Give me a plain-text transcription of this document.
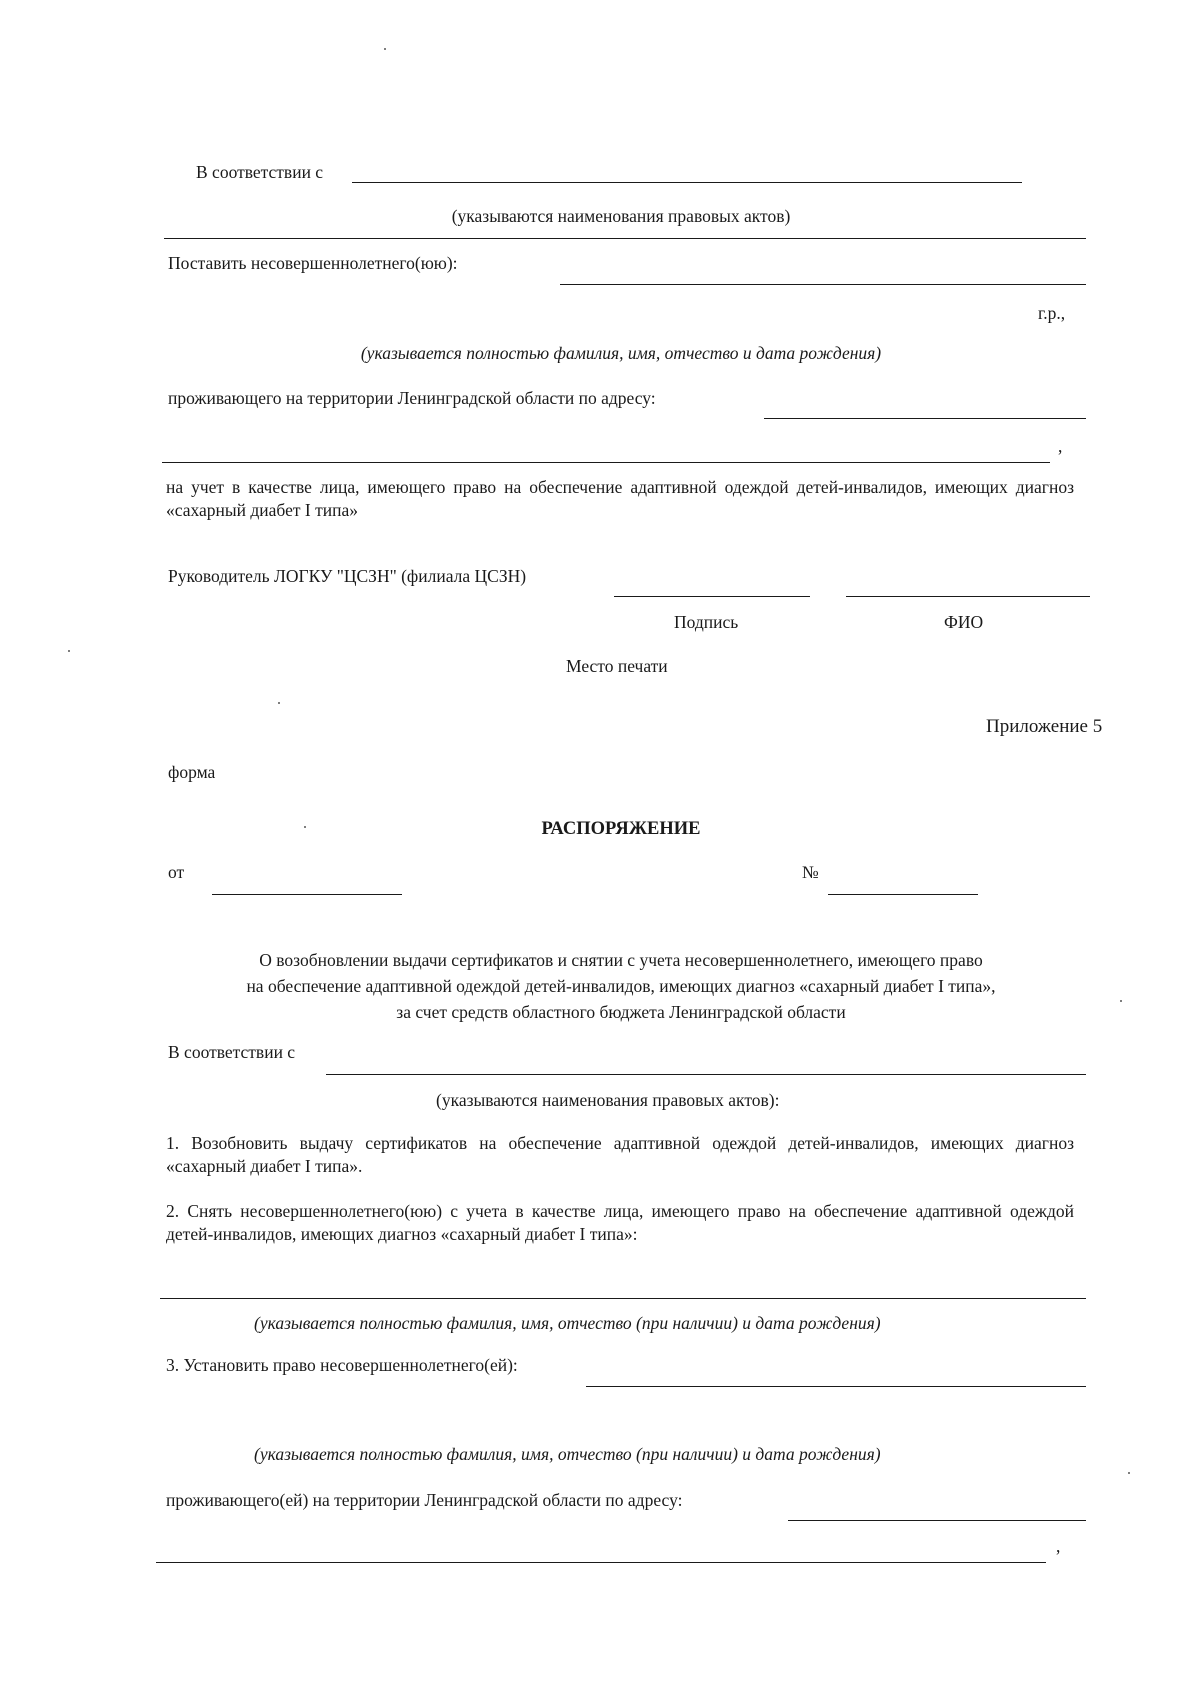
В соответствии с
(указываются наименования правовых актов)
Поставить несовершеннолетнего(юю):
г.р.,
(указывается полностью фамилия, имя, отчество и дата рождения)
проживающего на территории Ленинградской области по адресу:
,
на учет в качестве лица, имеющего право на обеспечение адаптивной одеждой детей-инвалидов, имеющих диагноз «сахарный диабет I типа»
Руководитель ЛОГКУ "ЦСЗН" (филиала ЦСЗН)
Подпись	ФИО
Место печати
Приложение 5
форма
РАСПОРЯЖЕНИЕ
от	№
О возобновлении выдачи сертификатов и снятии с учета несовершеннолетнего, имеющего право
на обеспечение адаптивной одеждой детей-инвалидов, имеющих диагноз «сахарный диабет I типа»,
за счет средств областного бюджета Ленинградской области
В соответствии с
(указываются наименования правовых актов):
1. Возобновить выдачу сертификатов на обеспечение адаптивной одеждой детей-инвалидов, имеющих диагноз «сахарный диабет I типа».
2. Снять несовершеннолетнего(юю) с учета в качестве лица, имеющего право на обеспечение адаптивной одеждой детей-инвалидов, имеющих диагноз «сахарный диабет I типа»:
(указывается полностью фамилия, имя, отчество (при наличии) и дата рождения)
3. Установить право несовершеннолетнего(ей):
(указывается полностью фамилия, имя, отчество (при наличии) и дата рождения)
проживающего(ей) на территории Ленинградской области по адресу:
,
